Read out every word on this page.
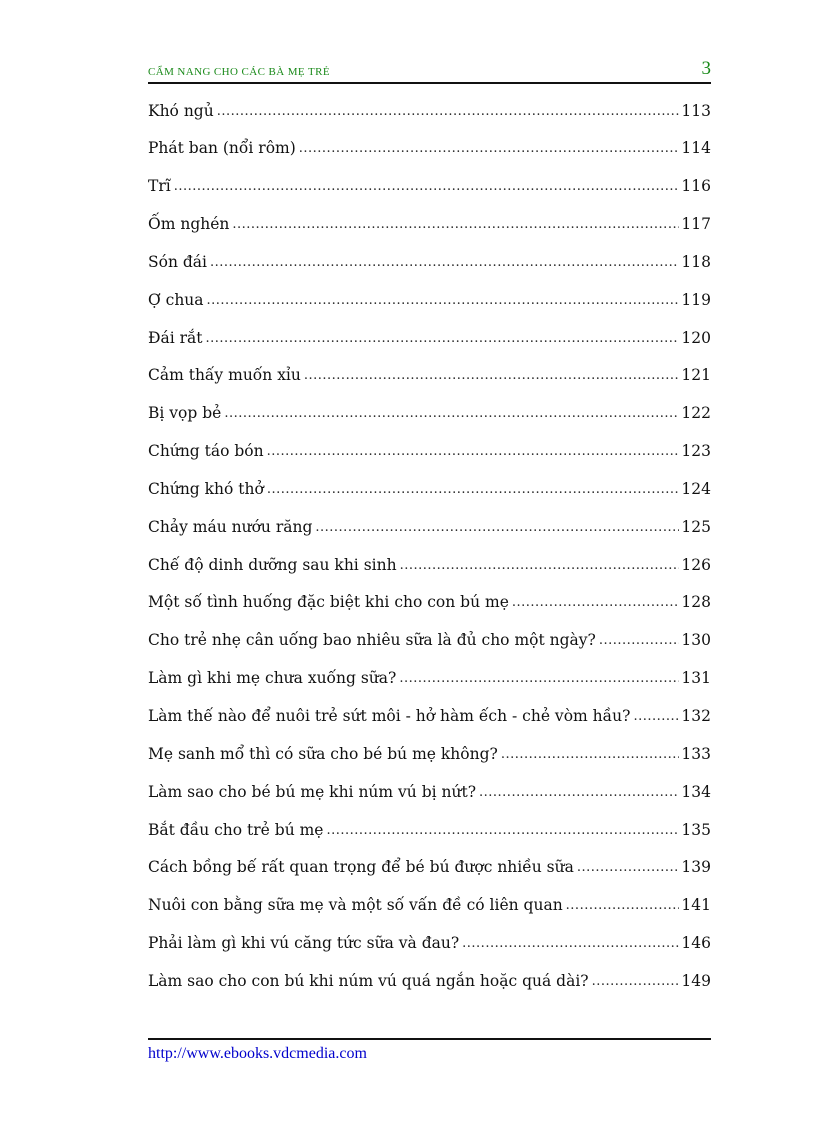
CẨM NANG CHO CÁC BÀ MẸ TRẺ	3
Khó ngủ .....	113
Phát ban (nổi rôm) .....	114
Trĩ .....	116
Ốm nghén .....	117
Són đái .....	118
Ợ chua .....	119
Đái rắt .....	120
Cảm thấy muốn xỉu .....	121
Bị vọp bẻ .....	122
Chứng táo bón .....	123
Chứng khó thở .....	124
Chảy máu nướu răng .....	125
Chế độ dinh dưỡng sau khi sinh .....	126
Một số tình huống đặc biệt khi cho con bú mẹ .....	128
Cho trẻ nhẹ cân uống bao nhiêu sữa là đủ cho một ngày? .....	130
Làm gì khi mẹ chưa xuống sữa? .....	131
Làm thế nào để nuôi trẻ sứt môi - hở hàm ếch - chẻ vòm hầu? .....	132
Mẹ sanh mổ thì có sữa cho bé bú mẹ không? .....	133
Làm sao cho bé bú mẹ khi núm vú bị nứt? .....	134
Bắt đầu cho trẻ bú mẹ .....	135
Cách bồng bế rất quan trọng để bé bú được nhiều sữa .....	139
Nuôi con bằng sữa mẹ và một số vấn đề có liên quan .....	141
Phải làm gì khi vú căng tức sữa và đau? .....	146
Làm sao cho con bú khi núm vú quá ngắn hoặc quá dài? .....	149
http://www.ebooks.vdcmedia.com
